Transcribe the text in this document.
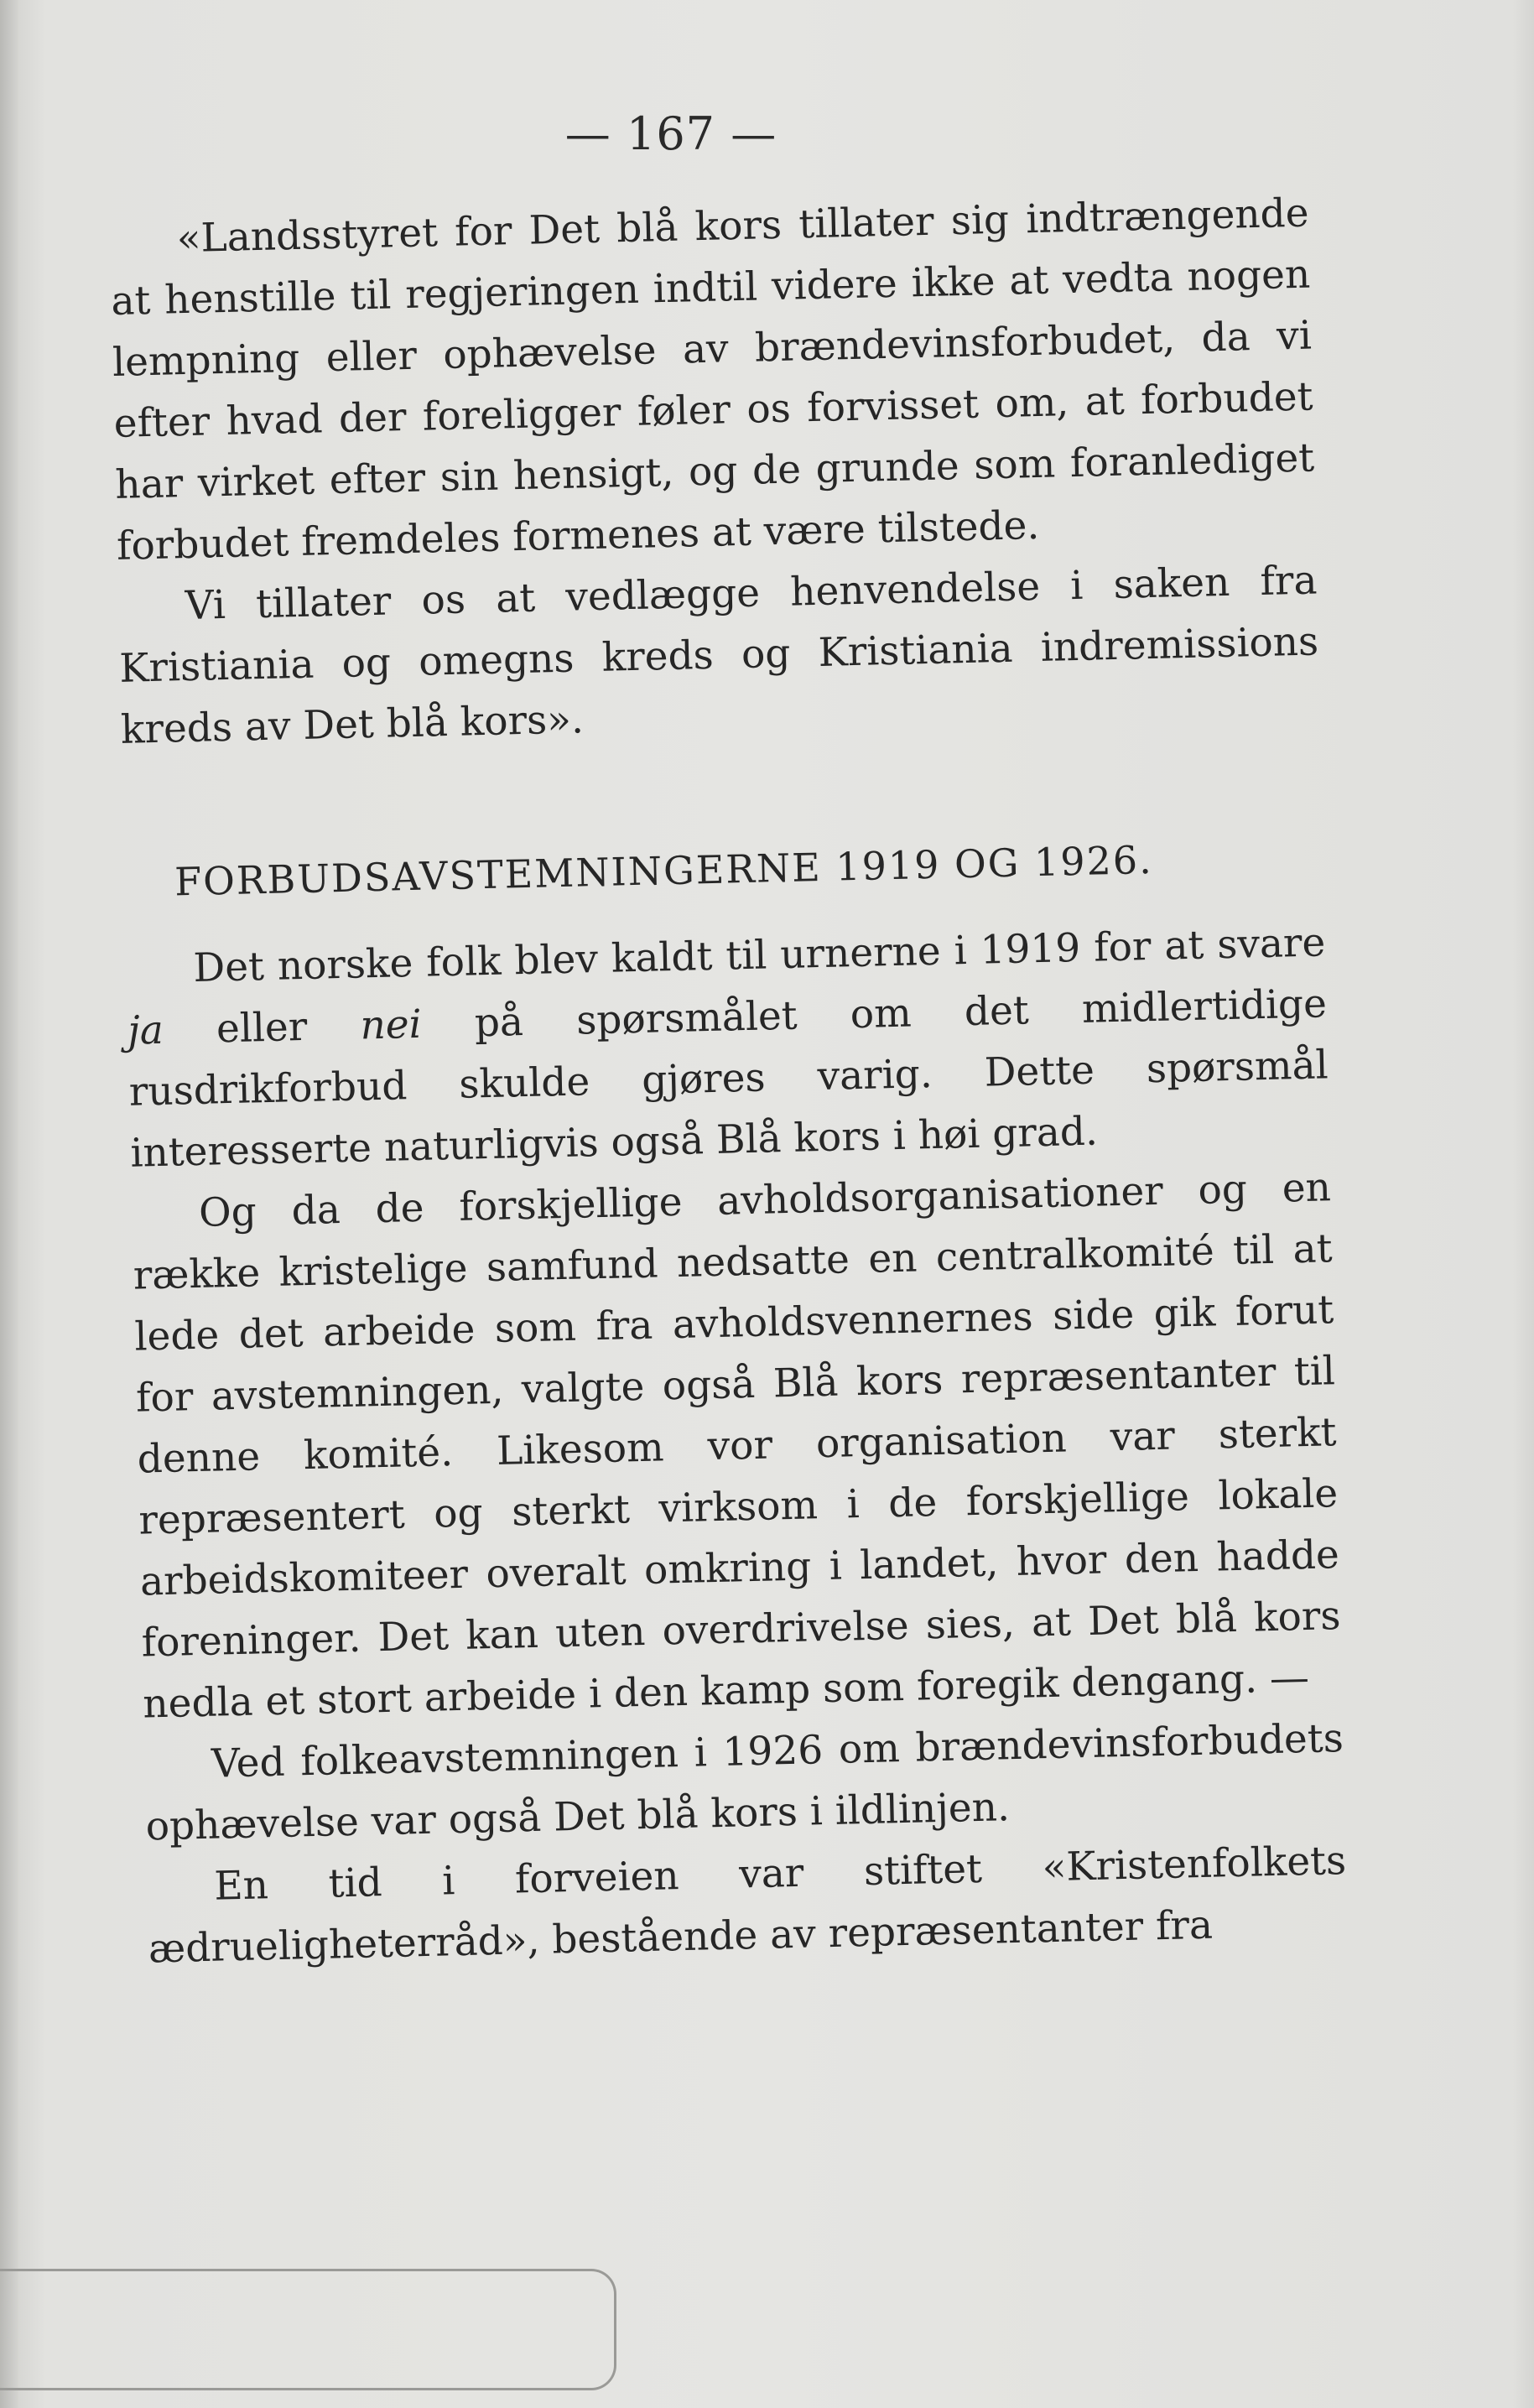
— 167 —

«Landsstyret for Det blå kors tillater sig indtrængende at henstille til regjeringen indtil videre ikke at vedta nogen lempning eller ophævelse av brændevinsforbudet, da vi efter hvad der foreligger føler os forvisset om, at forbudet har virket efter sin hensigt, og de grunde som foranlediget forbudet fremdeles formenes at være tilstede.

Vi tillater os at vedlægge henvendelse i saken fra Kristiania og omegns kreds og Kristiania indremissions kreds av Det blå kors».

FORBUDSAVSTEMNINGERNE 1919 OG 1926.

Det norske folk blev kaldt til urnerne i 1919 for at svare ja eller nei på spørsmålet om det midlertidige rusdrikforbud skulde gjøres varig. Dette spørsmål interesserte naturligvis også Blå kors i høi grad.

Og da de forskjellige avholdsorganisationer og en række kristelige samfund nedsatte en centralkomité til at lede det arbeide som fra avholdsvennernes side gik forut for avstemningen, valgte også Blå kors repræsentanter til denne komité. Likesom vor organisation var sterkt repræsentert og sterkt virksom i de forskjellige lokale arbeidskomiteer overalt omkring i landet, hvor den hadde foreninger. Det kan uten overdrivelse sies, at Det blå kors nedla et stort arbeide i den kamp som foregik dengang. —

Ved folkeavstemningen i 1926 om brændevinsforbudets ophævelse var også Det blå kors i ildlinjen.

En tid i forveien var stiftet «Kristenfolkets ædrueligheterråd», bestående av repræsentanter fra
